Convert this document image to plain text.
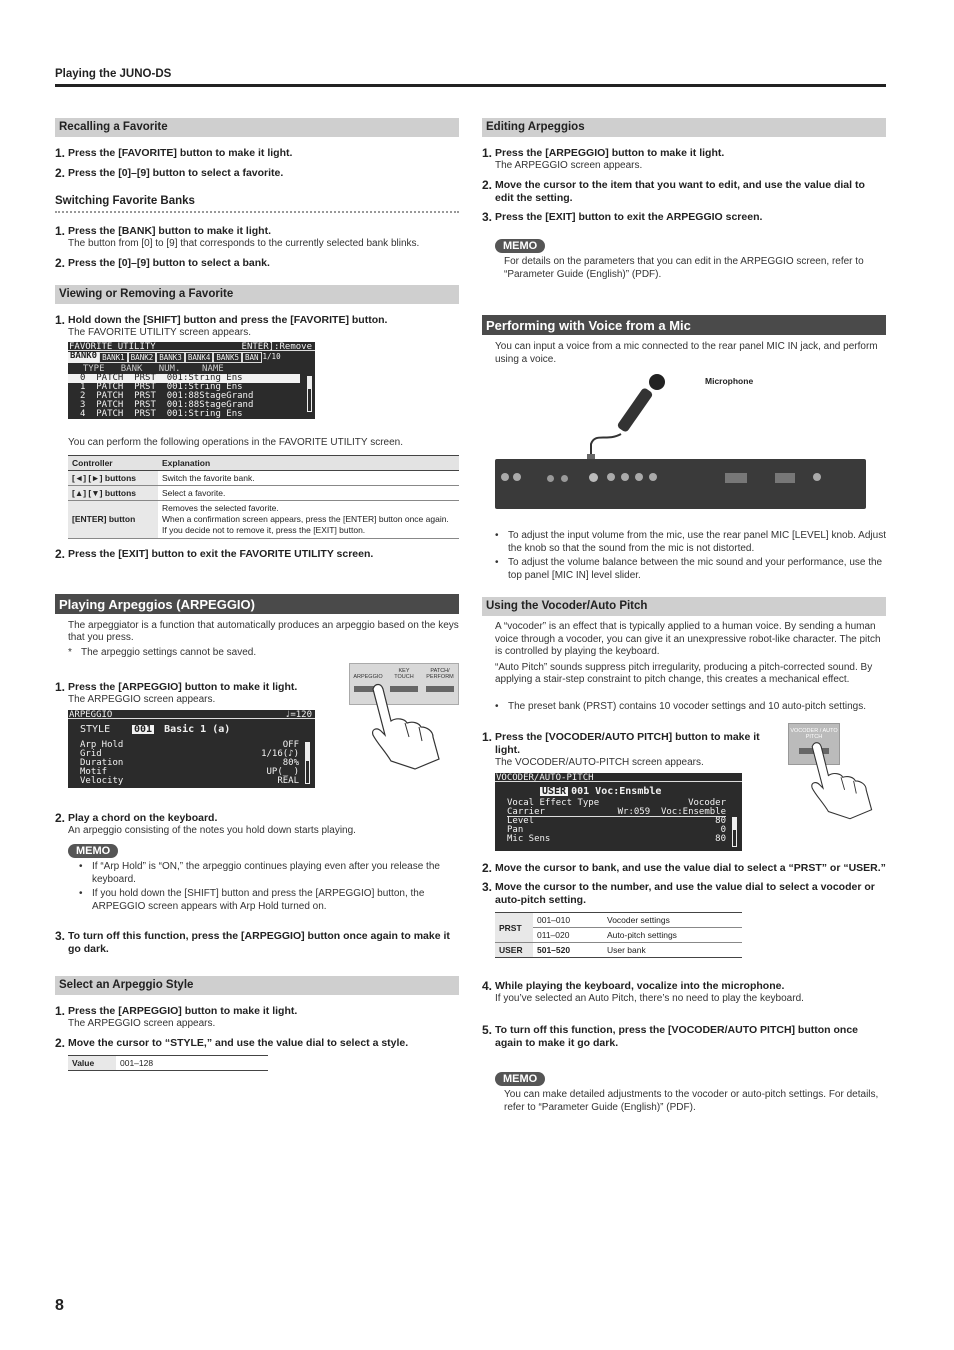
Playing the JUNO-DS
Recalling a Favorite
1. Press the [FAVORITE] button to make it light.
2. Press the [0]–[9] button to select a favorite.
Switching Favorite Banks
1. Press the [BANK] button to make it light.
The button from [0] to [9] that corresponds to the currently selected bank blinks.
2. Press the [0]–[9] button to select a bank.
Viewing or Removing a Favorite
1. Hold down the [SHIFT] button and press the [FAVORITE] button.
The FAVORITE UTILITY screen appears.
FAVORITE UTILITY	ENTER]:Remove
BANK0 BANK1 BANK2 BANK3 BANK4 BANK5 BAN 1/10
TYPE   BANK   NUM.    NAME
0  PATCH  PRST  001:String Ens
1  PATCH  PRST  001:String Ens
2  PATCH  PRST  001:88StageGrand
3  PATCH  PRST  001:88StageGrand
4  PATCH  PRST  001:String Ens
You can perform the following operations in the FAVORITE UTILITY screen.
Controller	Explanation
[◄] [►] buttons	Switch the favorite bank.
[▲] [▼] buttons	Select a favorite.
[ENTER] button	Removes the selected favorite.
When a confirmation screen appears, press the [ENTER] button once again.
If you decide not to remove it, press the [EXIT] button.
2. Press the [EXIT] button to exit the FAVORITE UTILITY screen.
Playing Arpeggios (ARPEGGIO)
The arpeggiator is a function that automatically produces an arpeggio based on the keys that you press.
* The arpeggio settings cannot be saved.
ARPEGGIO
KEY TOUCH
PATCH/ PERFORM
1. Press the [ARPEGGIO] button to make it light.
The ARPEGGIO screen appears.
ARPEGGIO	♩=120
STYLE	001 Basic 1 (a)
Arp Hold	OFF
Grid	1/16(♪)
Duration	80%
Motif	UP(_ )
Velocity	REAL
2. Play a chord on the keyboard.
An arpeggio consisting of the notes you hold down starts playing.
MEMO
• If “Arp Hold” is “ON,” the arpeggio continues playing even after you release the keyboard.
• If you hold down the [SHIFT] button and press the [ARPEGGIO] button, the ARPEGGIO screen appears with Arp Hold turned on.
3. To turn off this function, press the [ARPEGGIO] button once again to make it go dark.
Select an Arpeggio Style
1. Press the [ARPEGGIO] button to make it light.
The ARPEGGIO screen appears.
2. Move the cursor to “STYLE,” and use the value dial to select a style.
Value	001–128
Editing Arpeggios
1. Press the [ARPEGGIO] button to make it light.
The ARPEGGIO screen appears.
2. Move the cursor to the item that you want to edit, and use the value dial to edit the setting.
3. Press the [EXIT] button to exit the ARPEGGIO screen.
MEMO
For details on the parameters that you can edit in the ARPEGGIO screen, refer to “Parameter Guide (English)” (PDF).
Performing with Voice from a Mic
You can input a voice from a mic connected to the rear panel MIC IN jack, and perform using a voice.
Microphone
• To adjust the input volume from the mic, use the rear panel MIC [LEVEL] knob. Adjust the knob so that the sound from the mic is not distorted.
• To adjust the volume balance between the mic sound and your performance, use the top panel [MIC IN] level slider.
Using the Vocoder/Auto Pitch
A “vocoder” is an effect that is typically applied to a human voice. By sending a human voice through a vocoder, you can give it an unexpressive robot-like character. The pitch is controlled by playing the keyboard.
“Auto Pitch” sounds suppress pitch irregularity, producing a pitch-corrected sound. By applying a stair-step constraint to pitch change, this creates a mechanical effect.
• The preset bank (PRST) contains 10 vocoder settings and 10 auto-pitch settings.
VOCODER / AUTO PITCH
1. Press the [VOCODER/AUTO PITCH] button to make it light.
The VOCODER/AUTO-PITCH screen appears.
VOCODER/AUTO-PITCH
USER 001 Voc:Ensmble
Vocal Effect Type	Vocoder
Carrier	Wr:059  Voc:Ensemble
Level	80
Pan	0
Mic Sens	80
2. Move the cursor to bank, and use the value dial to select a “PRST” or “USER.”
3. Move the cursor to the number, and use the value dial to select a vocoder or auto-pitch setting.
PRST	001–010	Vocoder settings
	011–020	Auto-pitch settings
USER	501–520	User bank
4. While playing the keyboard, vocalize into the microphone.
If you’ve selected an Auto Pitch, there’s no need to play the keyboard.
5. To turn off this function, press the [VOCODER/AUTO PITCH] button once again to make it go dark.
MEMO
You can make detailed adjustments to the vocoder or auto-pitch settings. For details, refer to “Parameter Guide (English)” (PDF).
8
